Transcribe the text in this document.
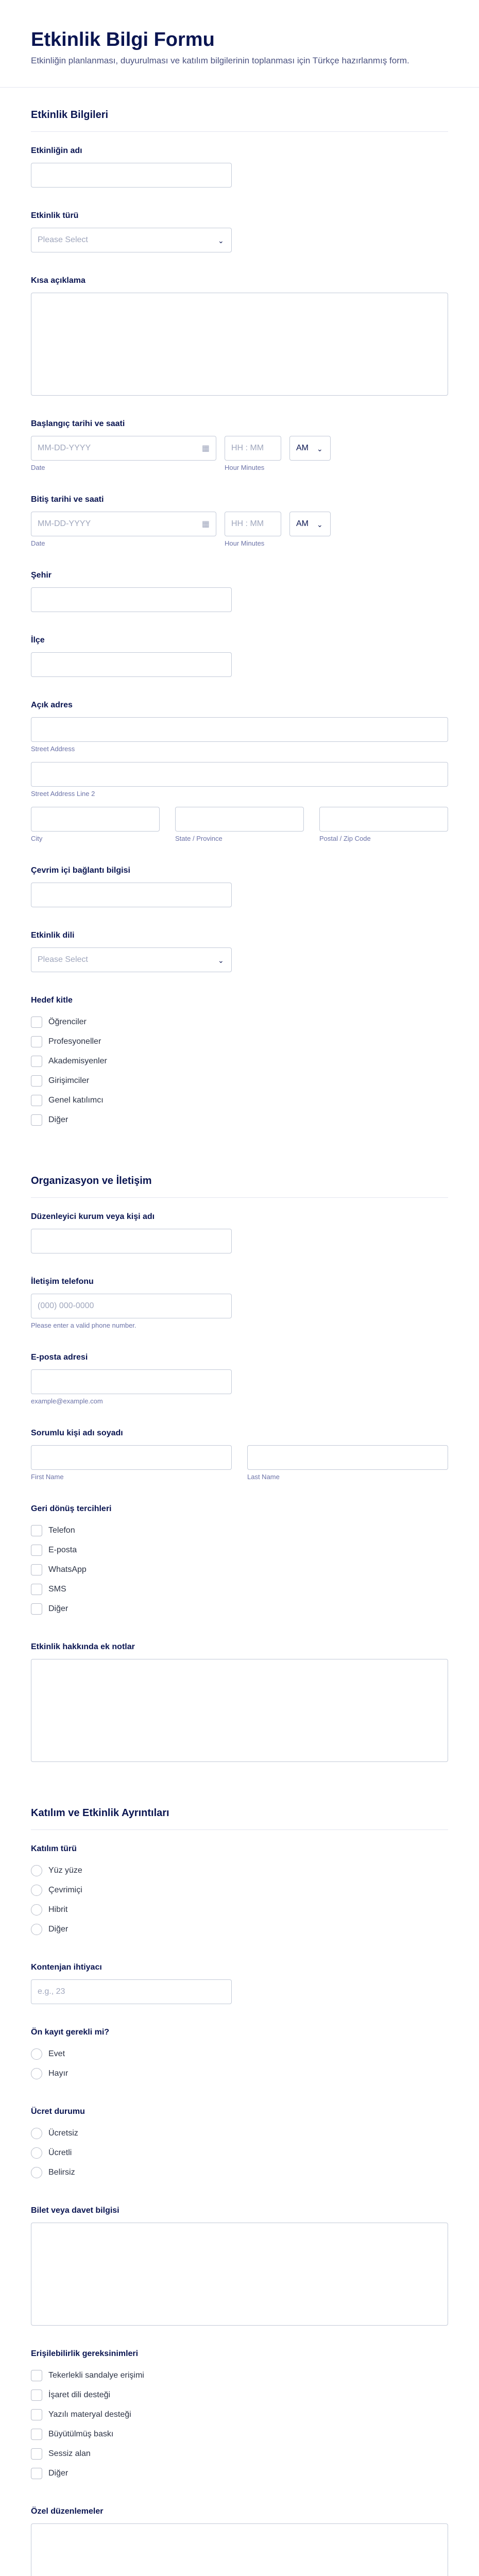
Etkinlik Bilgi Formu

Etkinliğin planlanması, duyurulması ve katılım bilgilerinin toplanması için Türkçe hazırlanmış form.

Etkinlik Bilgileri
Etkinliğin adı
Etkinlik türü
Please Select	⌄
Kısa açıklama
Başlangıç tarihi ve saati
MM-DD-YYYY	▦
Date
HH : MM
Hour Minutes
AM ⌄
Bitiş tarihi ve saati
MM-DD-YYYY	▦
Date
HH : MM
Hour Minutes
AM ⌄
Şehir
İlçe
Açık adres
Street Address
Street Address Line 2
City	State / Province	Postal / Zip Code
Çevrim içi bağlantı bilgisi
Etkinlik dili
Please Select	⌄
Hedef kitle
Öğrenciler
Profesyoneller
Akademisyenler
Girişimciler
Genel katılımcı
Diğer
Organizasyon ve İletişim
Düzenleyici kurum veya kişi adı
İletişim telefonu
(000) 000-0000
Please enter a valid phone number.
E-posta adresi
example@example.com
Sorumlu kişi adı soyadı
First Name	Last Name
Geri dönüş tercihleri
Telefon
E-posta
WhatsApp
SMS
Diğer
Etkinlik hakkında ek notlar
Katılım ve Etkinlik Ayrıntıları
Katılım türü
Yüz yüze
Çevrimiçi
Hibrit
Diğer
Kontenjan ihtiyacı
e.g., 23
Ön kayıt gerekli mi?
Evet
Hayır
Ücret durumu
Ücretsiz
Ücretli
Belirsiz
Bilet veya davet bilgisi
Erişilebilirlik gereksinimleri
Tekerlekli sandalye erişimi
İşaret dili desteği
Yazılı materyal desteği
Büyütülmüş baskı
Sessiz alan
Diğer
Özel düzenlemeler
